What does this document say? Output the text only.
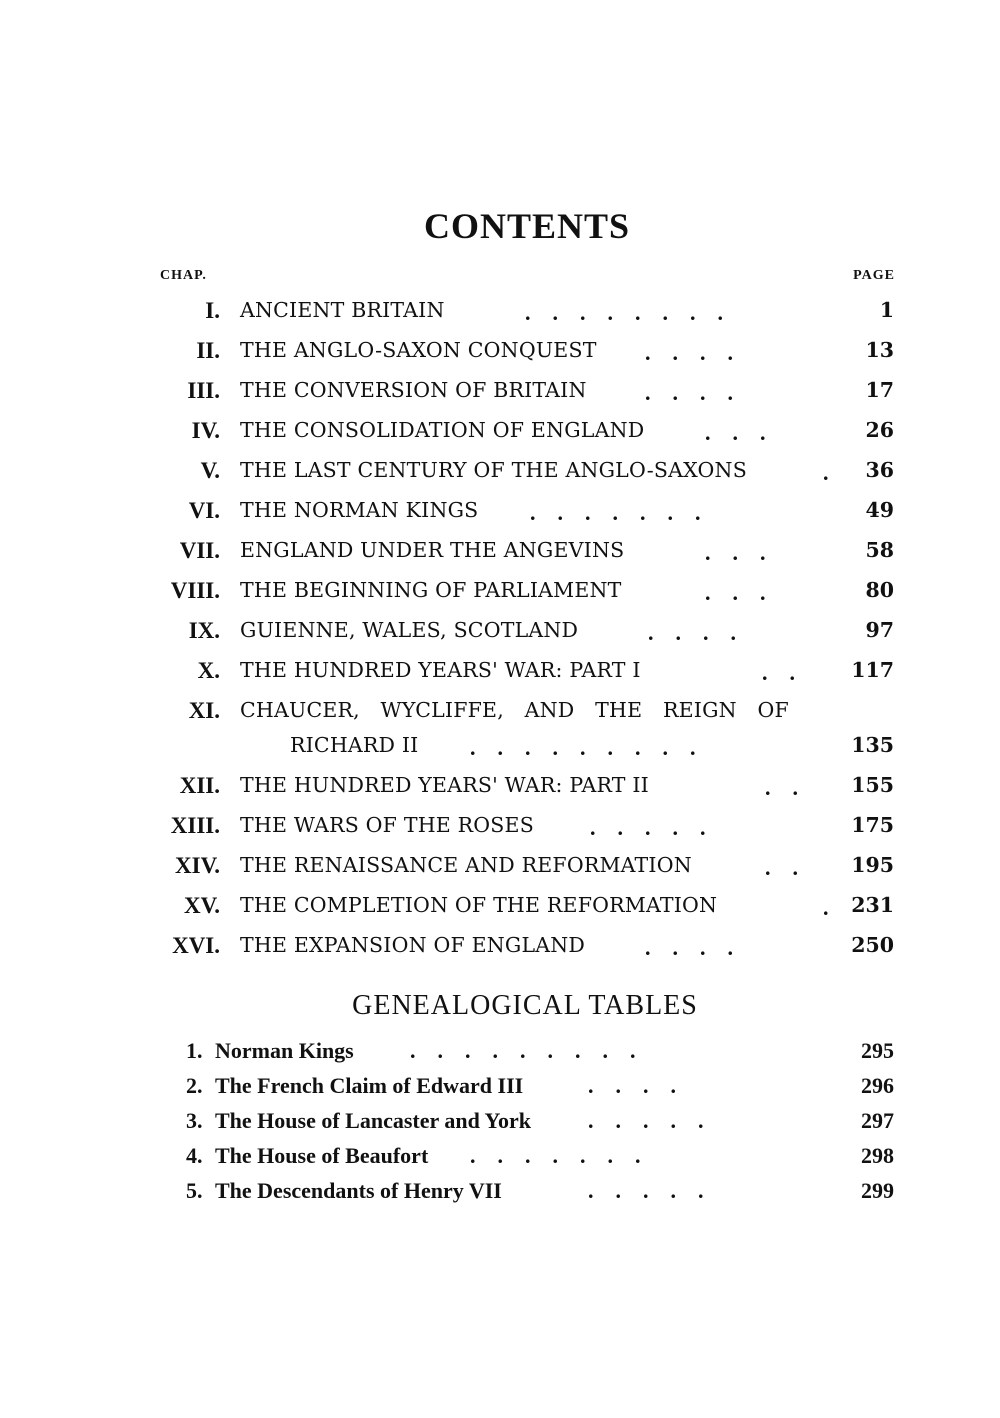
CONTENTS
CHAP.	PAGE
I. ANCIENT BRITAIN	........	1
II. THE ANGLO-SAXON CONQUEST ....	13
III. THE CONVERSION OF BRITAIN	....	17
IV. THE CONSOLIDATION OF ENGLAND	...	26
V. THE LAST CENTURY OF THE ANGLO-SAXONS	. 36
VI. THE NORMAN KINGS .......	49
VII. ENGLAND UNDER THE ANGEVINS	...	58
VIII. THE BEGINNING OF PARLIAMENT	...	80
IX. GUIENNE, WALES, SCOTLAND	....	97
X. THE HUNDRED YEARS' WAR: PART I	.. 117
XI. CHAUCER, WYCLIFFE, AND THE REIGN OF
RICHARD II .........	135
XII. THE HUNDRED YEARS' WAR: PART II	.. 155
XIII. THE WARS OF THE ROSES	.....	175
XIV. THE RENAISSANCE AND REFORMATION	.. 195
XV. THE COMPLETION OF THE REFORMATION	. 231
XVI. THE EXPANSION OF ENGLAND	....	250
GENEALOGICAL TABLES
1. Norman Kings	.........	295
2. The French Claim of Edward III	....	296
3. The House of Lancaster and York	.....	297
4. The House of Beaufort .......	298
5. The Descendants of Henry VII	.....	299
